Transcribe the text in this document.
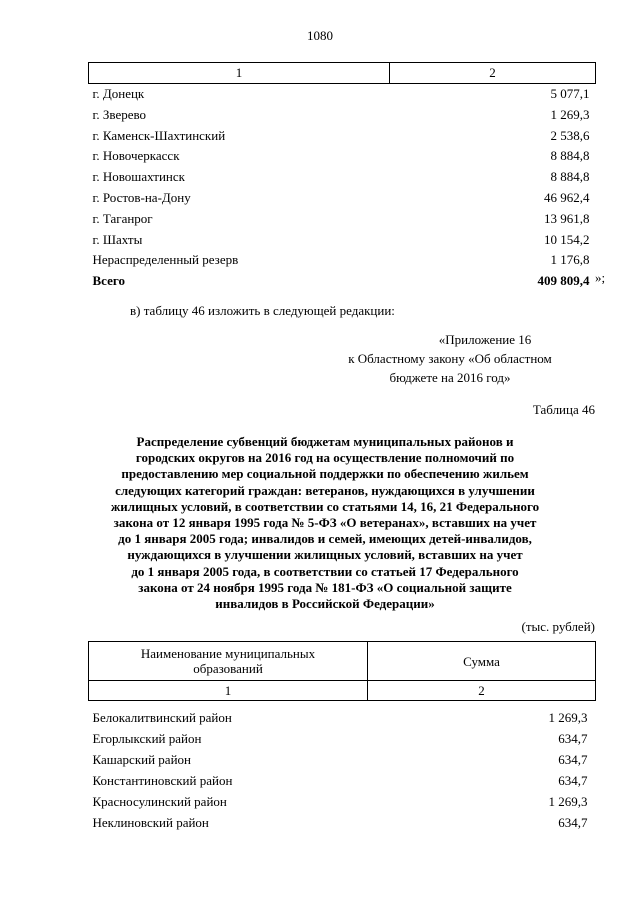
1080
1	2
г. Донецк	5 077,1
г. Зверево	1 269,3
г. Каменск-Шахтинский	2 538,6
г. Новочеркасск	8 884,8
г. Новошахтинск	8 884,8
г. Ростов-на-Дону	46 962,4
г. Таганрог	13 961,8
г. Шахты	10 154,2
Нераспределенный резерв	1 176,8
Всего	409 809,4 »;
в) таблицу 46 изложить в следующей редакции:
«Приложение 16
к Областному закону «Об областном
бюджете на 2016 год»
Таблица 46
Распределение субвенций бюджетам муниципальных районов и
городских округов на 2016 год на осуществление полномочий по
предоставлению мер социальной поддержки по обеспечению жильем
следующих категорий граждан: ветеранов, нуждающихся в улучшении
жилищных условий, в соответствии со статьями 14, 16, 21 Федерального
закона от 12 января 1995 года № 5-ФЗ «О ветеранах», вставших на учет
до 1 января 2005 года; инвалидов и семей, имеющих детей-инвалидов,
нуждающихся в улучшении жилищных условий, вставших на учет
до 1 января 2005 года, в соответствии со статьей 17 Федерального
закона от 24 ноября 1995 года № 181-ФЗ «О социальной защите
инвалидов в Российской Федерации»
(тыс. рублей)
Наименование муниципальных
образований	Сумма
1	2

Белокалитвинский район	1 269,3
Егорлыкский район	634,7
Кашарский район	634,7
Константиновский район	634,7
Красносулинский район	1 269,3
Неклиновский район	634,7
